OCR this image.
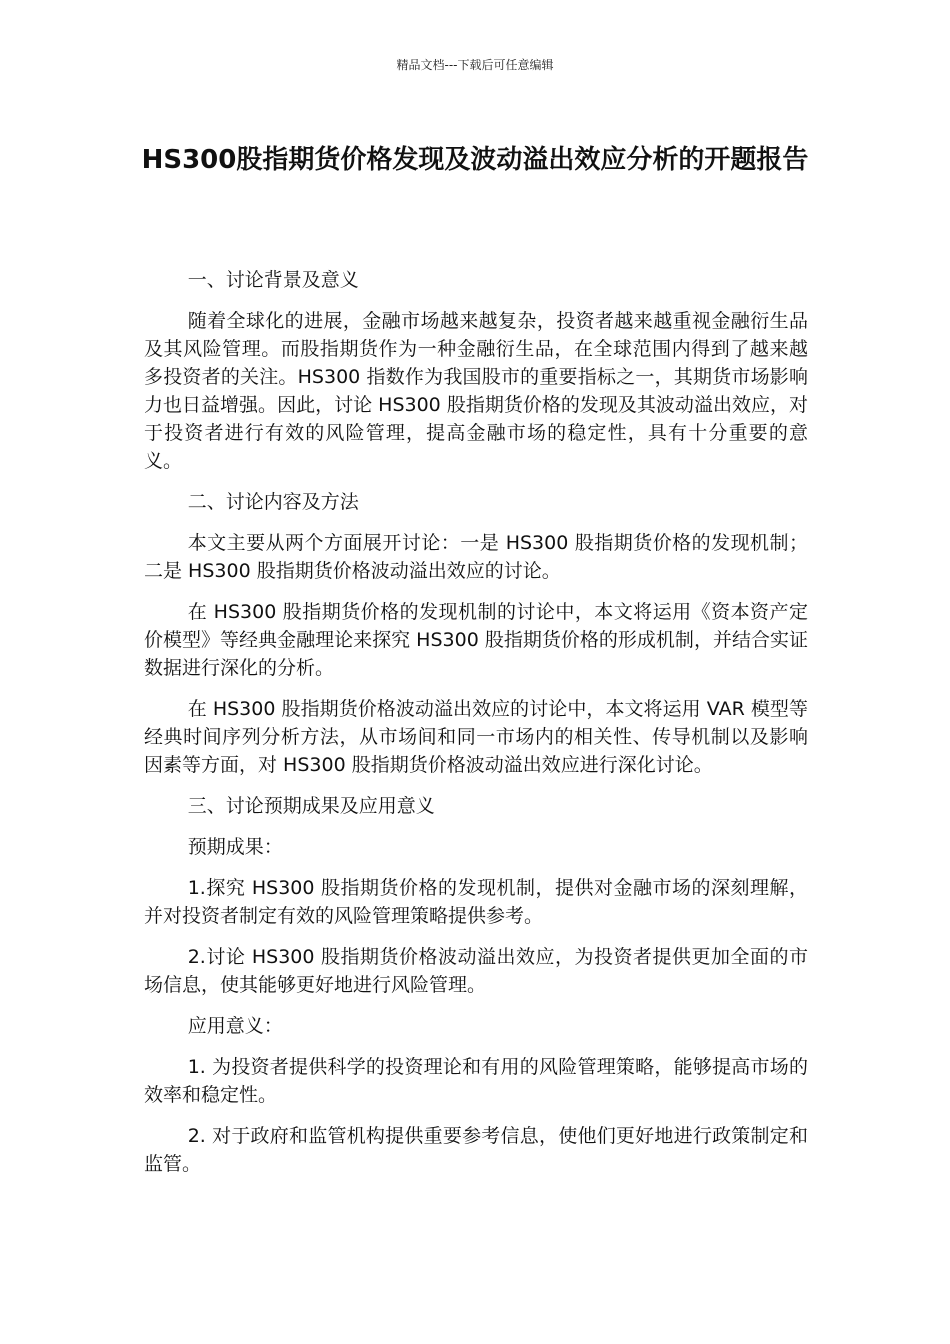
精品文档---下载后可任意编辑
HS300股指期货价格发现及波动溢出效应分析的开题报告

一、讨论背景及意义

随着全球化的进展，金融市场越来越复杂，投资者越来越重视金融衍生品及其风险管理。而股指期货作为一种金融衍生品，在全球范围内得到了越来越多投资者的关注。HS300 指数作为我国股市的重要指标之一，其期货市场影响力也日益增强。因此，讨论 HS300 股指期货价格的发现及其波动溢出效应，对于投资者进行有效的风险管理，提高金融市场的稳定性，具有十分重要的意义。

二、讨论内容及方法

本文主要从两个方面展开讨论：一是 HS300 股指期货价格的发现机制；二是 HS300 股指期货价格波动溢出效应的讨论。

在 HS300 股指期货价格的发现机制的讨论中，本文将运用《资本资产定价模型》等经典金融理论来探究 HS300 股指期货价格的形成机制，并结合实证数据进行深化的分析。

在 HS300 股指期货价格波动溢出效应的讨论中，本文将运用 VAR 模型等经典时间序列分析方法，从市场间和同一市场内的相关性、传导机制以及影响因素等方面，对 HS300 股指期货价格波动溢出效应进行深化讨论。

三、讨论预期成果及应用意义

预期成果：

1.探究 HS300 股指期货价格的发现机制，提供对金融市场的深刻理解，并对投资者制定有效的风险管理策略提供参考。

2.讨论 HS300 股指期货价格波动溢出效应，为投资者提供更加全面的市场信息，使其能够更好地进行风险管理。

应用意义：

1. 为投资者提供科学的投资理论和有用的风险管理策略，能够提高市场的效率和稳定性。

2. 对于政府和监管机构提供重要参考信息，使他们更好地进行政策制定和监管。
